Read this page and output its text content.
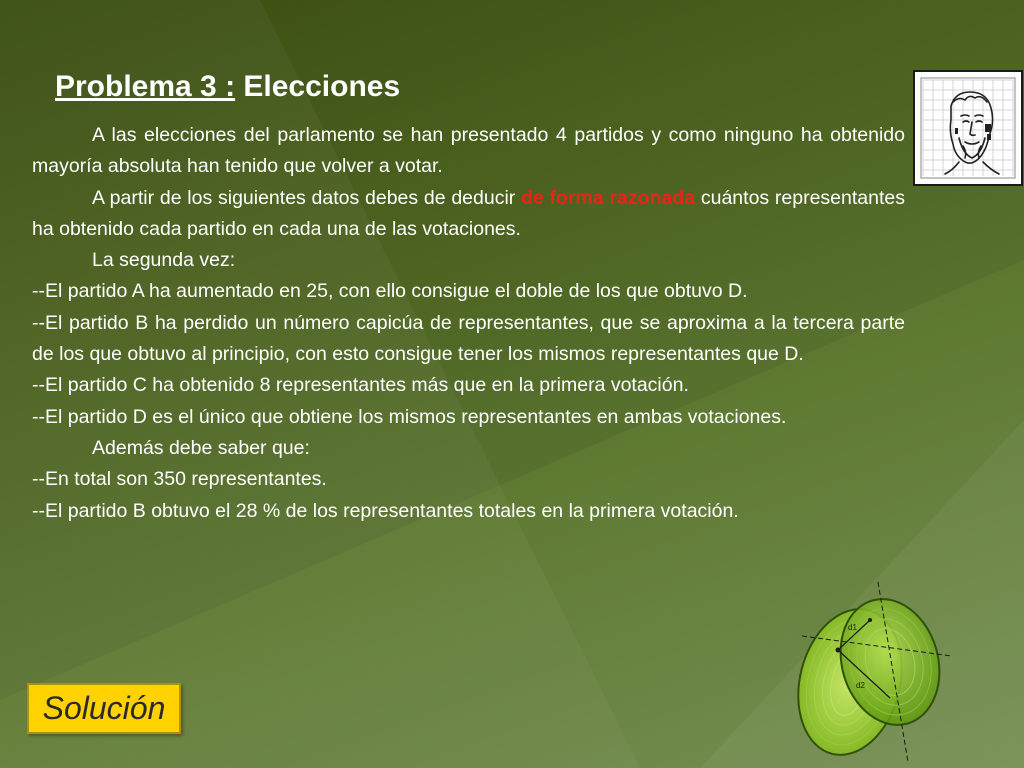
Problema 3 : Elecciones

A las elecciones del parlamento se han presentado 4 partidos y como ninguno ha obtenido mayoría absoluta han tenido que volver a votar.

A partir de los siguientes datos debes de deducir de forma razonada cuántos representantes ha obtenido cada partido en cada una de las votaciones.

La segunda vez:

--El partido A ha aumentado en 25, con ello consigue el doble de los que obtuvo D.

--El partido B ha perdido un número capicúa de representantes, que se aproxima a la tercera parte de los que obtuvo al principio, con esto consigue tener los mismos representantes que D.

--El partido C ha obtenido 8 representantes más que en la primera votación.

--El partido D es el único que obtiene los mismos representantes en ambas votaciones.

Además debe saber que:

--En total son 350 representantes.

--El partido B obtuvo el 28 % de los representantes totales en la primera votación.

Solución
d1
d2
